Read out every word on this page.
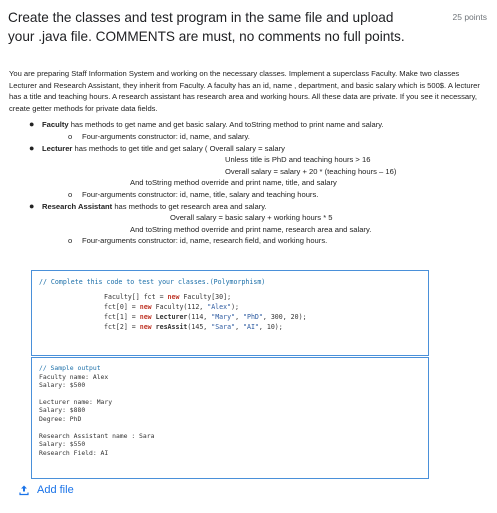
Create the classes and test program in the same file and upload your .java file. COMMENTS are must, no comments no full points.
25 points

You are preparing Staff Information System and working on the necessary classes. Implement a superclass Faculty. Make two classes Lecturer and Research Assistant, they inherit from Faculty. A faculty has an id, name , department, and basic salary which is 500$. A lecturer has a title and teaching hours. A research assistant has research area and working hours. All these data are private. If you see it necessary, create getter methods for private data fields.

● Faculty has methods to get name and get basic salary. And toString method to print name and salary.
o Four-arguments constructor: id, name, and salary.
● Lecturer has methods to get title and get salary ( Overall salary = salary
Unless title is PhD and teaching hours > 16
Overall salary = salary + 20 * (teaching hours – 16)
And toString method override and print name, title, and salary
o Four-arguments constructor: id, name, title, salary and teaching hours.
● Research Assistant has methods to get research area and salary.
Overall salary = basic salary + working hours * 5
And toString method override and print name, research area and salary.
o Four-arguments constructor: id, name, research field, and working hours.
// Complete this code to test your classes.(Polymorphism)
Faculty[] fct = new Faculty[30];
fct[0] = new Faculty(112, "Alex");
fct[1] = new Lecturer(114, "Mary", "PhD", 300, 20);
fct[2] = new resAssit(145, "Sara", "AI", 10);
// Sample output
Faculty name: Alex
Salary: $500
Lecturer name: Mary
Salary: $880
Degree: PhD
Research Assistant name : Sara
Salary: $550
Research Field: AI
Add file
